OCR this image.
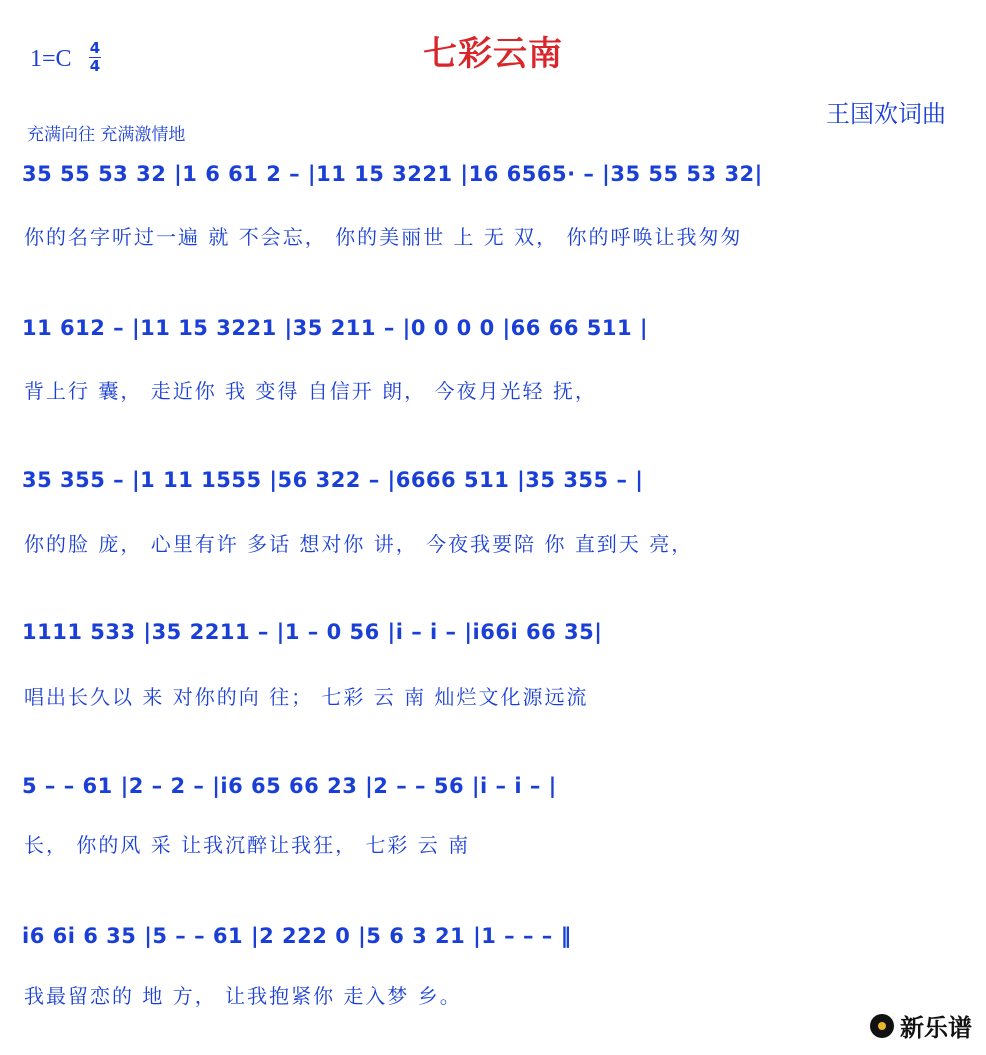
七彩云南
1=C 4
4
王国欢词曲
充满向往 充满激情地
35 55 53 32 |1 6 61 2 – |11 15 3221 |16 6565· – |35 55 53 32|
你的名字听过一遍 就 不会忘， 你的美丽世 上 无 双， 你的呼唤让我匆匆
11 612 – |11 15 3221 |35 211 – |0 0 0 0 |66 66 511 |
背上行 囊， 走近你 我 变得 自信开 朗， 今夜月光轻 抚，
35 355 – |1 11 1555 |56 322 – |6666 511 |35 355 – |
你的脸 庞， 心里有许 多话 想对你 讲， 今夜我要陪 你 直到天 亮，
1111 533 |35 2211 – |1 – 0 56 |i – i – |i66i 66 35|
唱出长久以 来 对你的向 往； 七彩 云 南 灿烂文化源远流
5 – – 61 |2 – 2 – |i6 65 66 23 |2 – – 56 |i – i – |
长， 你的风 采 让我沉醉让我狂， 七彩 云 南
i6 6i 6 35 |5 – – 61 |2 222 0 |5 6 3 21 |1 – – – ‖
我最留恋的 地 方， 让我抱紧你 走入梦 乡。
新乐谱
